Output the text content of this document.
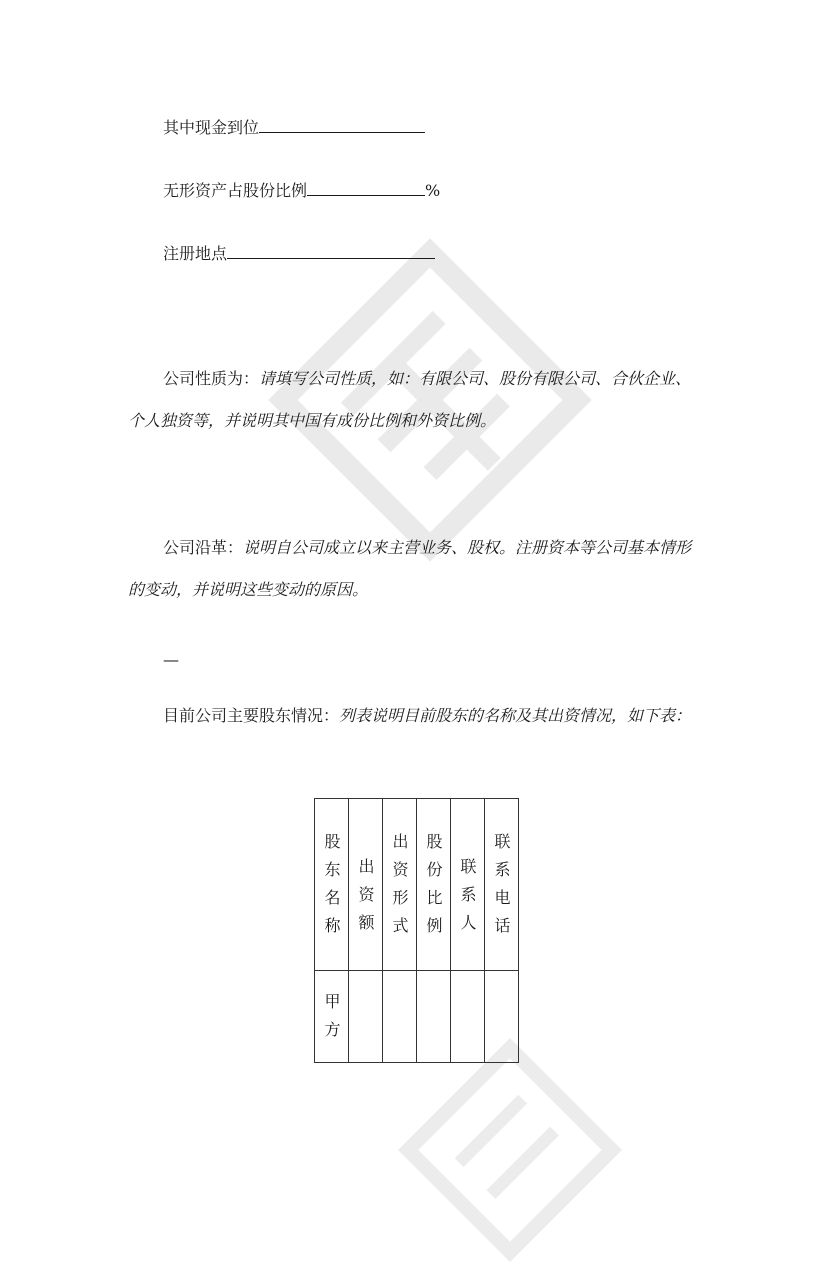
其中现金到位
无形资产占股份比例	%
注册地点
公司性质为：请填写公司性质，如：有限公司、股份有限公司、合伙企业、个人独资等，并说明其中国有成份比例和外资比例。
公司沿革：说明自公司成立以来主营业务、股权。注册资本等公司基本情形的变动，并说明这些变动的原因。
—
目前公司主要股东情况：列表说明目前股东的名称及其出资情况，如下表：
股东名称	出资额	出资形式	股份比例	联系人	联系电话
甲方					
